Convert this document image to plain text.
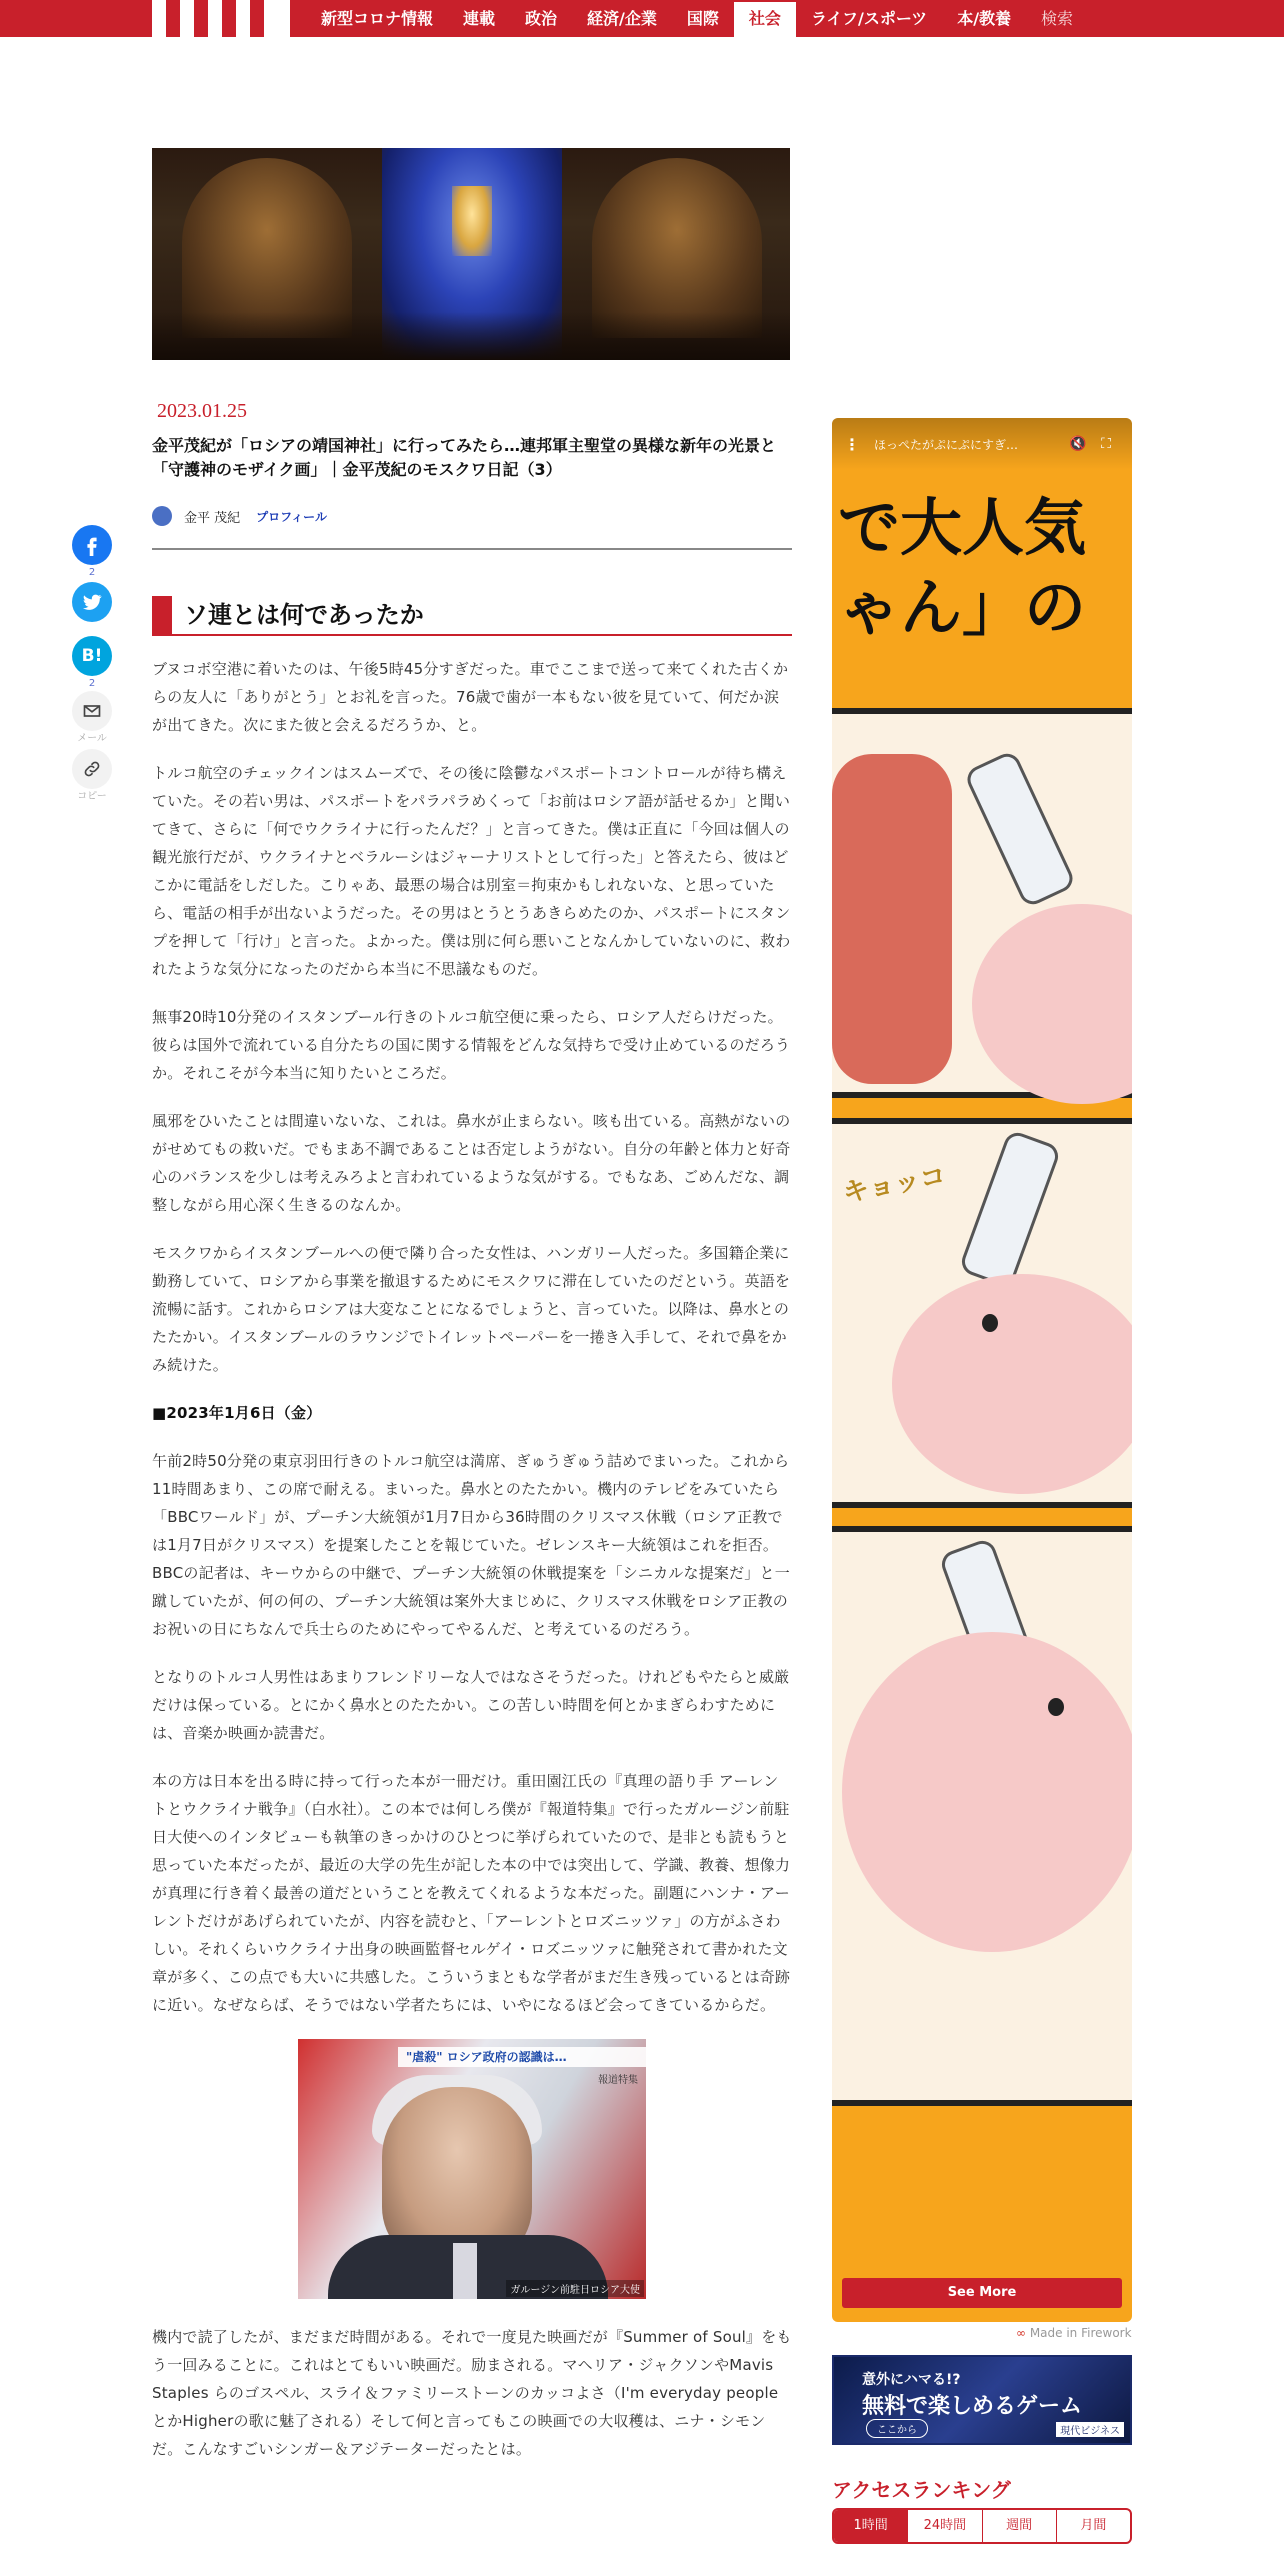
新型コロナ情報	連載	政治	経済/企業	国際	社会	ライフ/スポーツ	本/教養	検索
2023.01.25
金平茂紀が「ロシアの靖国神社」に行ってみたら…連邦軍主聖堂の異様な新年の光景と「守護神のモザイク画」｜金平茂紀のモスクワ日記（3）
金平 茂紀 プロフィール
2
B!
2
メール
コピー
ソ連とは何であったか

ブヌコボ空港に着いたのは、午後5時45分すぎだった。車でここまで送って来てくれた古くからの友人に「ありがとう」とお礼を言った。76歳で歯が一本もない彼を見ていて、何だか涙が出てきた。次にまた彼と会えるだろうか、と。

トルコ航空のチェックインはスムーズで、その後に陰鬱なパスポートコントロールが待ち構えていた。その若い男は、パスポートをパラパラめくって「お前はロシア語が話せるか」と聞いてきて、さらに「何でウクライナに行ったんだ？」と言ってきた。僕は正直に「今回は個人の観光旅行だが、ウクライナとベラルーシはジャーナリストとして行った」と答えたら、彼はどこかに電話をしだした。こりゃあ、最悪の場合は別室＝拘束かもしれないな、と思っていたら、電話の相手が出ないようだった。その男はとうとうあきらめたのか、パスポートにスタンプを押して「行け」と言った。よかった。僕は別に何ら悪いことなんかしていないのに、救われたような気分になったのだから本当に不思議なものだ。

無事20時10分発のイスタンブール行きのトルコ航空便に乗ったら、ロシア人だらけだった。彼らは国外で流れている自分たちの国に関する情報をどんな気持ちで受け止めているのだろうか。それこそが今本当に知りたいところだ。

風邪をひいたことは間違いないな、これは。鼻水が止まらない。咳も出ている。高熱がないのがせめてもの救いだ。でもまあ不調であることは否定しようがない。自分の年齢と体力と好奇心のバランスを少しは考えみろよと言われているような気がする。でもなあ、ごめんだな、調整しながら用心深く生きるのなんか。

モスクワからイスタンブールへの便で隣り合った女性は、ハンガリー人だった。多国籍企業に勤務していて、ロシアから事業を撤退するためにモスクワに滞在していたのだという。英語を流暢に話す。これからロシアは大変なことになるでしょうと、言っていた。以降は、鼻水とのたたかい。イスタンブールのラウンジでトイレットペーパーを一捲き入手して、それで鼻をかみ続けた。

■2023年1月6日（金）

午前2時50分発の東京羽田行きのトルコ航空は満席、ぎゅうぎゅう詰めでまいった。これから11時間あまり、この席で耐える。まいった。鼻水とのたたかい。機内のテレビをみていたら「BBCワールド」が、プーチン大統領が1月7日から36時間のクリスマス休戦（ロシア正教では1月7日がクリスマス）を提案したことを報じていた。ゼレンスキー大統領はこれを拒否。BBCの記者は、キーウからの中継で、プーチン大統領の休戦提案を「シニカルな提案だ」と一蹴していたが、何の何の、プーチン大統領は案外大まじめに、クリスマス休戦をロシア正教のお祝いの日にちなんで兵士らのためにやってやるんだ、と考えているのだろう。

となりのトルコ人男性はあまりフレンドリーな人ではなさそうだった。けれどもやたらと威厳だけは保っている。とにかく鼻水とのたたかい。この苦しい時間を何とかまぎらわすためには、音楽か映画か読書だ。

本の方は日本を出る時に持って行った本が一冊だけ。重田園江氏の『真理の語り手 アーレントとウクライナ戦争』（白水社）。この本では何しろ僕が『報道特集』で行ったガルージン前駐日大使へのインタビューも執筆のきっかけのひとつに挙げられていたので、是非とも読もうと思っていた本だったが、最近の大学の先生が記した本の中では突出して、学識、教養、想像力が真理に行き着く最善の道だということを教えてくれるような本だった。副題にハンナ・アーレントだけがあげられていたが、内容を読むと、「アーレントとロズニッツァ」の方がふさわしい。それくらいウクライナ出身の映画監督セルゲイ・ロズニッツァに触発されて書かれた文章が多く、この点でも大いに共感した。こういうまともな学者がまだ生き残っているとは奇跡に近い。なぜならば、そうではない学者たちには、いやになるほど会ってきているからだ。

"虐殺" ロシア政府の認識は…
報道特集
ガルージン前駐日ロシア大使

機内で読了したが、まだまだ時間がある。それで一度見た映画だが『Summer of Soul』をもう一回みることに。これはとてもいい映画だ。励まされる。マヘリア・ジャクソンやMavis Staples らのゴスペル、スライ＆ファミリーストーンのカッコよさ（I'm everyday peopleとかHigherの歌に魅了される）そして何と言ってもこの映画での大収穫は、ニナ・シモンだ。こんなすごいシンガー＆アジテーターだったとは。

で大人気
ゃん」の
キョッコ
⋮	ほっぺたがぷにぷにすぎ…	🔇	⛶
See More
∞ Made in Firework
意外にハマる!?
無料で楽しめるゲーム
ここから	現代ビジネス
アクセスランキング
1時間	24時間	週間	月間
